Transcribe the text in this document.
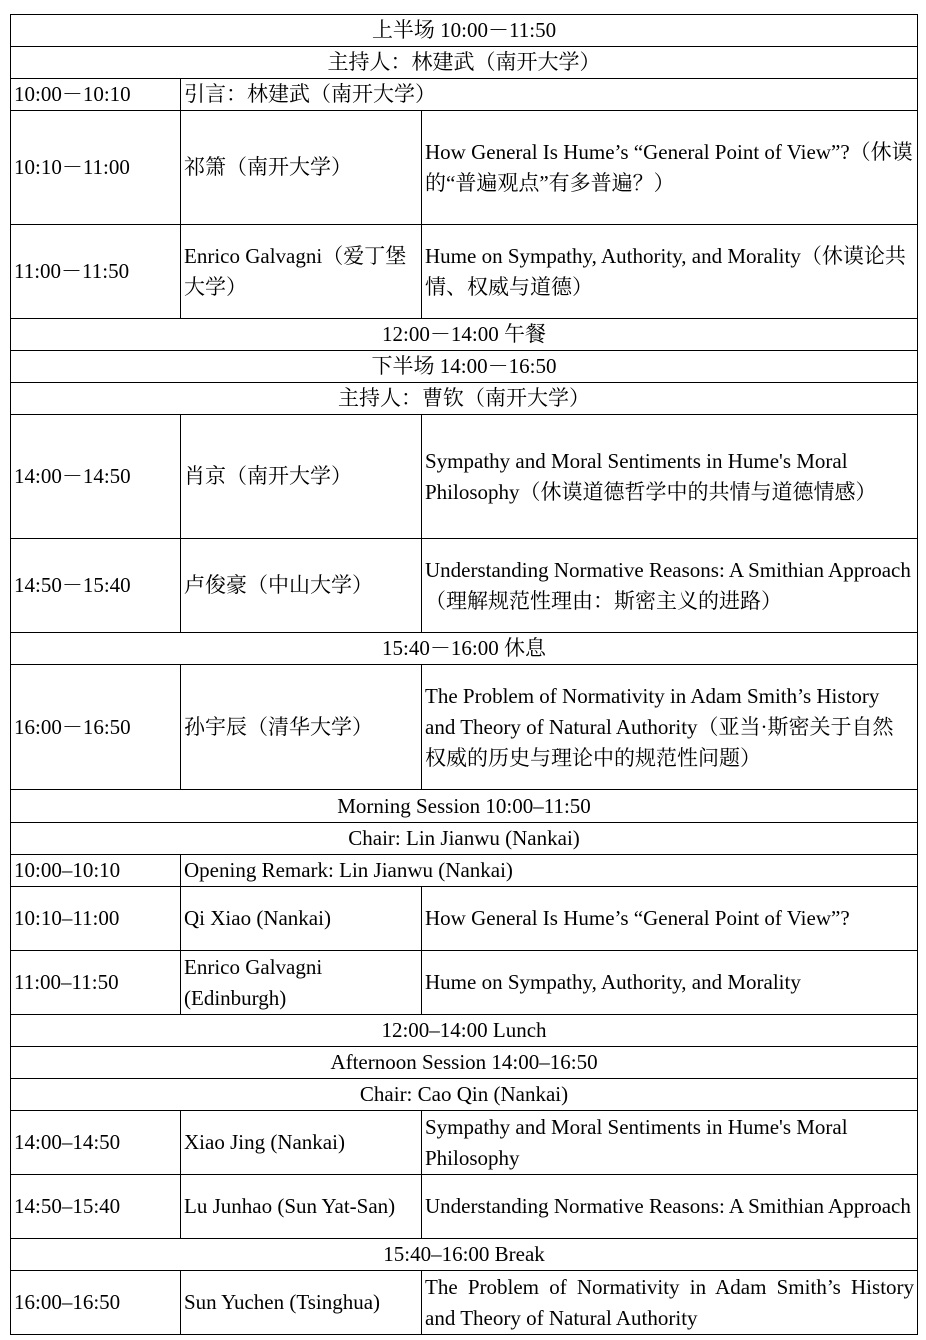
上半场 10:00－11:50		
主持人：林建武（南开大学）		
10:00－10:10	引言：林建武（南开大学）	
10:10－11:00	祁箫（南开大学）	How General Is Hume’s “General Point of View”?（休谟的“普遍观点”有多普遍？）
11:00－11:50	Enrico Galvagni（爱丁堡大学）	Hume on Sympathy, Authority, and Morality（休谟论共情、权威与道德）
12:00－14:00 午餐		
下半场 14:00－16:50		
主持人：曹钦（南开大学）		
14:00－14:50	肖京（南开大学）	Sympathy and Moral Sentiments in Hume's Moral Philosophy（休谟道德哲学中的共情与道德情感）
14:50－15:40	卢俊豪（中山大学）	Understanding Normative Reasons: A Smithian Approach（理解规范性理由：斯密主义的进路）
15:40－16:00 休息		
16:00－16:50	孙宇辰（清华大学）	The Problem of Normativity in Adam Smith’s History and Theory of Natural Authority（亚当·斯密关于自然权威的历史与理论中的规范性问题）
Morning Session 10:00–11:50		
Chair: Lin Jianwu (Nankai)		
10:00–10:10	Opening Remark: Lin Jianwu (Nankai)	
10:10–11:00	Qi Xiao (Nankai)	How General Is Hume’s “General Point of View”?
11:00–11:50	Enrico Galvagni (Edinburgh)	Hume on Sympathy, Authority, and Morality
12:00–14:00 Lunch		
Afternoon Session 14:00–16:50		
Chair: Cao Qin (Nankai)		
14:00–14:50	Xiao Jing (Nankai)	Sympathy and Moral Sentiments in Hume's Moral Philosophy
14:50–15:40	Lu Junhao (Sun Yat-San)	Understanding Normative Reasons: A Smithian Approach
15:40–16:00 Break		
16:00–16:50	Sun Yuchen (Tsinghua)	The Problem of Normativity in Adam Smith’s History and Theory of Natural Authority
